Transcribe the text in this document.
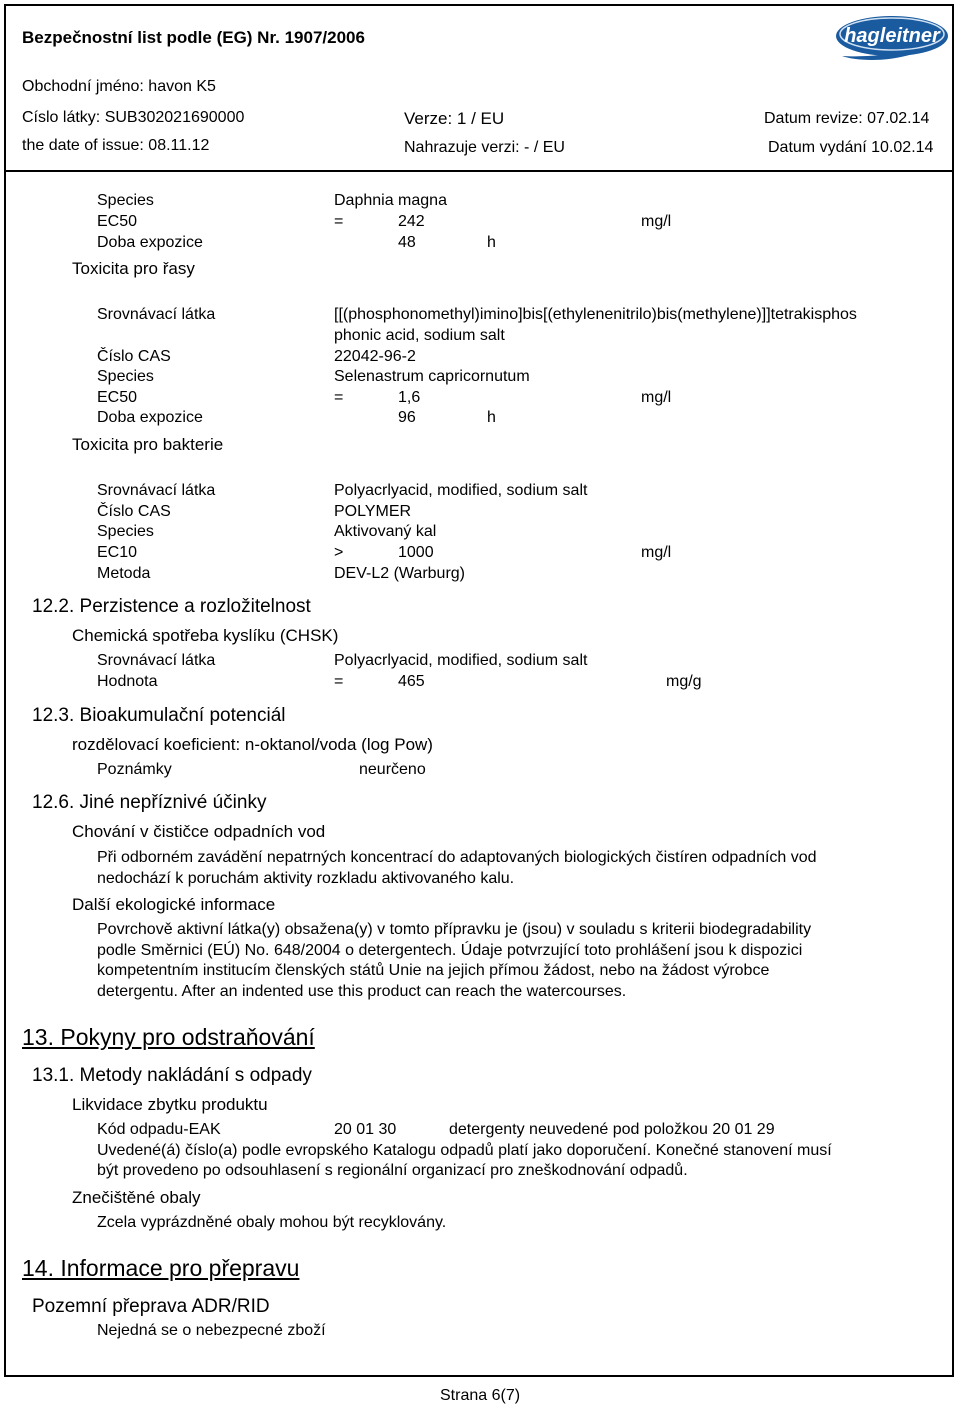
Bezpečnostní list podle (EG) Nr. 1907/2006	hagleitner
Obchodní jméno: havon K5
Císlo látky: SUB302021690000	Verze: 1 / EU	Datum revize: 07.02.14
the date of issue: 08.11.12	Nahrazuje verzi: - / EU	Datum vydání 10.02.14
Species	Daphnia magna
EC50	=	242	mg/l
Doba expozice	48	h
Toxicita pro řasy
Srovnávací látka	[[(phosphonomethyl)imino]bis[(ethylenenitrilo)bis(methylene)]]tetrakisphos
phonic acid, sodium salt
Číslo CAS	22042-96-2
Species	Selenastrum capricornutum
EC50	=	1,6	mg/l
Doba expozice	96	h
Toxicita pro bakterie
Srovnávací látka	Polyacrlyacid, modified, sodium salt
Číslo CAS	POLYMER
Species	Aktivovaný kal
EC10	>	1000	mg/l
Metoda	DEV-L2 (Warburg)
12.2. Perzistence a rozložitelnost
Chemická spotřeba kyslíku (CHSK)
Srovnávací látka	Polyacrlyacid, modified, sodium salt
Hodnota	=	465	mg/g
12.3. Bioakumulační potenciál
rozdělovací koeficient: n-oktanol/voda (log Pow)
Poznámky	neurčeno
12.6. Jiné nepříznivé účinky
Chování v čističce odpadních vod
Při odborném zavádění nepatrných koncentrací do adaptovaných biologických čistíren odpadních vod
nedochází k poruchám aktivity rozkladu aktivovaného kalu.
Další ekologické informace
Povrchově aktivní látka(y) obsažena(y) v tomto přípravku je (jsou) v souladu s kriterii biodegradability
podle Směrnici (EÚ) No. 648/2004 o detergentech. Údaje potvrzující toto prohlášení jsou k dispozici
kompetentním institucím členských států Unie na jejich přímou žádost, nebo na žádost výrobce
detergentu. After an indented use this product can reach the watercourses.
13. Pokyny pro odstraňování
13.1. Metody nakládání s odpady
Likvidace zbytku produktu
Kód odpadu-EAK	20 01 30	detergenty neuvedené pod položkou 20 01 29
Uvedené(á) číslo(a) podle evropského Katalogu odpadů platí jako doporučení. Konečné stanovení musí
být provedeno po odsouhlasení s regionální organizací pro zneškodnování odpadů.
Znečištěné obaly
Zcela vyprázdněné obaly mohou být recyklovány.
14. Informace pro přepravu
Pozemní přeprava ADR/RID
Nejedná se o nebezpecné zboží
Strana 6(7)
